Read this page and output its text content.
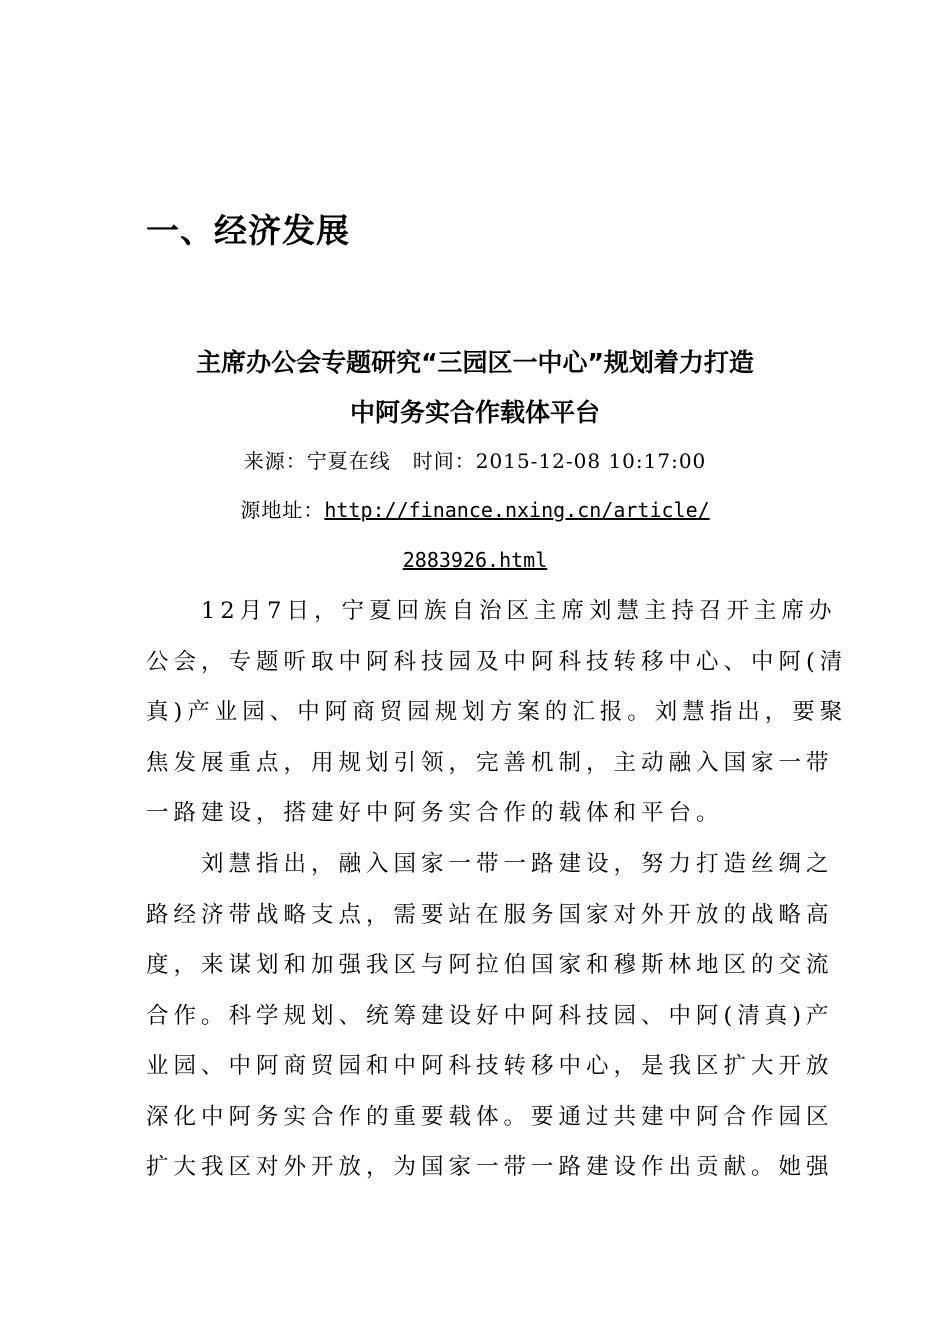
一、经济发展
主席办公会专题研究“三园区一中心”规划着力打造
中阿务实合作载体平台
来源：宁夏在线 时间：2015-12-08 10:17:00
源地址：http://finance.nxing.cn/article/
2883926.html

　　12月7日，宁夏回族自治区主席刘慧主持召开主席办
公会，专题听取中阿科技园及中阿科技转移中心、中阿(清
真)产业园、中阿商贸园规划方案的汇报。刘慧指出，要聚
焦发展重点，用规划引领，完善机制，主动融入国家一带
一路建设，搭建好中阿务实合作的载体和平台。

　　刘慧指出，融入国家一带一路建设，努力打造丝绸之
路经济带战略支点，需要站在服务国家对外开放的战略高
度，来谋划和加强我区与阿拉伯国家和穆斯林地区的交流
合作。科学规划、统筹建设好中阿科技园、中阿(清真)产
业园、中阿商贸园和中阿科技转移中心，是我区扩大开放
深化中阿务实合作的重要载体。要通过共建中阿合作园区
扩大我区对外开放，为国家一带一路建设作出贡献。她强
